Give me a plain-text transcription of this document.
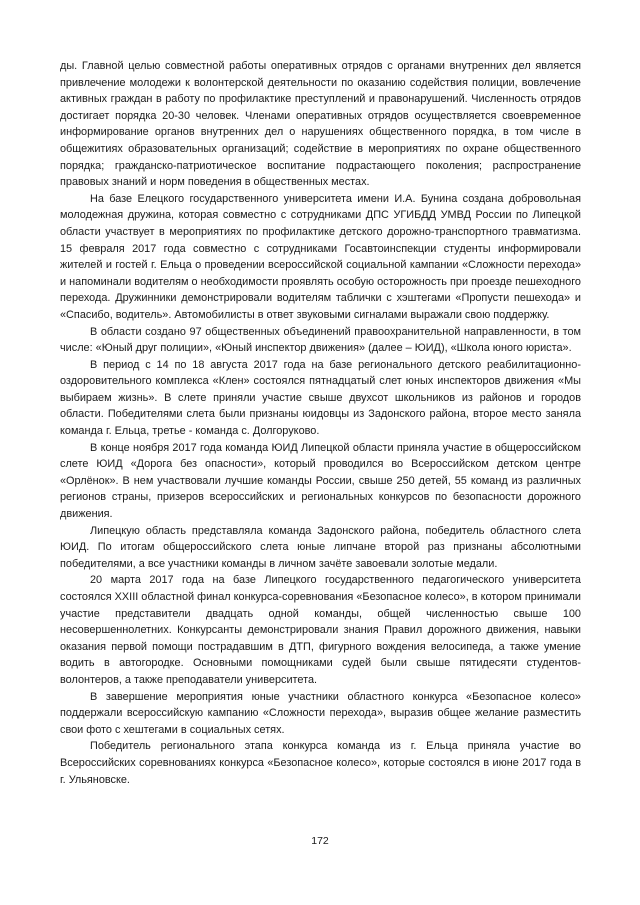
ды. Главной целью совместной работы оперативных отрядов с органами внутренних дел является привлечение молодежи к волонтерской деятельности по оказанию содействия полиции, вовлечение активных граждан в работу по профилактике преступлений и правонарушений. Численность отрядов достигает порядка 20-30 человек. Членами оперативных отрядов осуществляется своевременное информирование органов внутренних дел о нарушениях общественного порядка, в том числе в общежитиях образовательных организаций; содействие в мероприятиях по охране общественного порядка; гражданско-патриотическое воспитание подрастающего поколения; распространение правовых знаний и норм поведения в общественных местах.

На базе Елецкого государственного университета имени И.А. Бунина создана добровольная молодежная дружина, которая совместно с сотрудниками ДПС УГИБДД УМВД России по Липецкой области участвует в мероприятиях по профилактике детского дорожно-транспортного травматизма. 15 февраля 2017 года совместно с сотрудниками Госавтоинспекции студенты информировали жителей и гостей г. Ельца о проведении всероссийской социальной кампании «Сложности перехода» и напоминали водителям о необходимости проявлять особую осторожность при проезде пешеходного перехода. Дружинники демонстрировали водителям таблички с хэштегами «Пропусти пешехода» и «Спасибо, водитель». Автомобилисты в ответ звуковыми сигналами выражали свою поддержку.

В области создано 97 общественных объединений правоохранительной направленности, в том числе: «Юный друг полиции», «Юный инспектор движения» (далее – ЮИД), «Школа юного юриста».

В период с 14 по 18 августа 2017 года на базе регионального детского реабилитационно-оздоровительного комплекса «Клен» состоялся пятнадцатый слет юных инспекторов движения «Мы выбираем жизнь». В слете приняли участие свыше двухсот школьников из районов и городов области. Победителями слета были признаны юидовцы из Задонского района, второе место заняла команда г. Ельца, третье - команда с. Долгоруково.

В конце ноября 2017 года команда ЮИД Липецкой области приняла участие в общероссийском слете ЮИД «Дорога без опасности», который проводился во Всероссийском детском центре «Орлёнок». В нем участвовали лучшие команды России, свыше 250 детей, 55 команд из различных регионов страны, призеров всероссийских и региональных конкурсов по безопасности дорожного движения.

Липецкую область представляла команда Задонского района, победитель областного слета ЮИД. По итогам общероссийского слета юные липчане второй раз признаны абсолютными победителями, а все участники команды в личном зачёте завоевали золотые медали.

20 марта 2017 года на базе Липецкого государственного педагогического университета состоялся XXIII областной финал конкурса-соревнования «Безопасное колесо», в котором принимали участие представители двадцать одной команды, общей численностью свыше 100 несовершеннолетних. Конкурсанты демонстрировали знания Правил дорожного движения, навыки оказания первой помощи пострадавшим в ДТП, фигурного вождения велосипеда, а также умение водить в автогородке. Основными помощниками судей были свыше пятидесяти студентов-волонтеров, а также преподаватели университета.

В завершение мероприятия юные участники областного конкурса «Безопасное колесо» поддержали всероссийскую кампанию «Сложности перехода», выразив общее желание разместить свои фото с хештегами в социальных сетях.

Победитель регионального этапа конкурса команда из г. Ельца приняла участие во Всероссийских соревнованиях конкурса «Безопасное колесо», которые состоялся в июне 2017 года в г. Ульяновске.

172
